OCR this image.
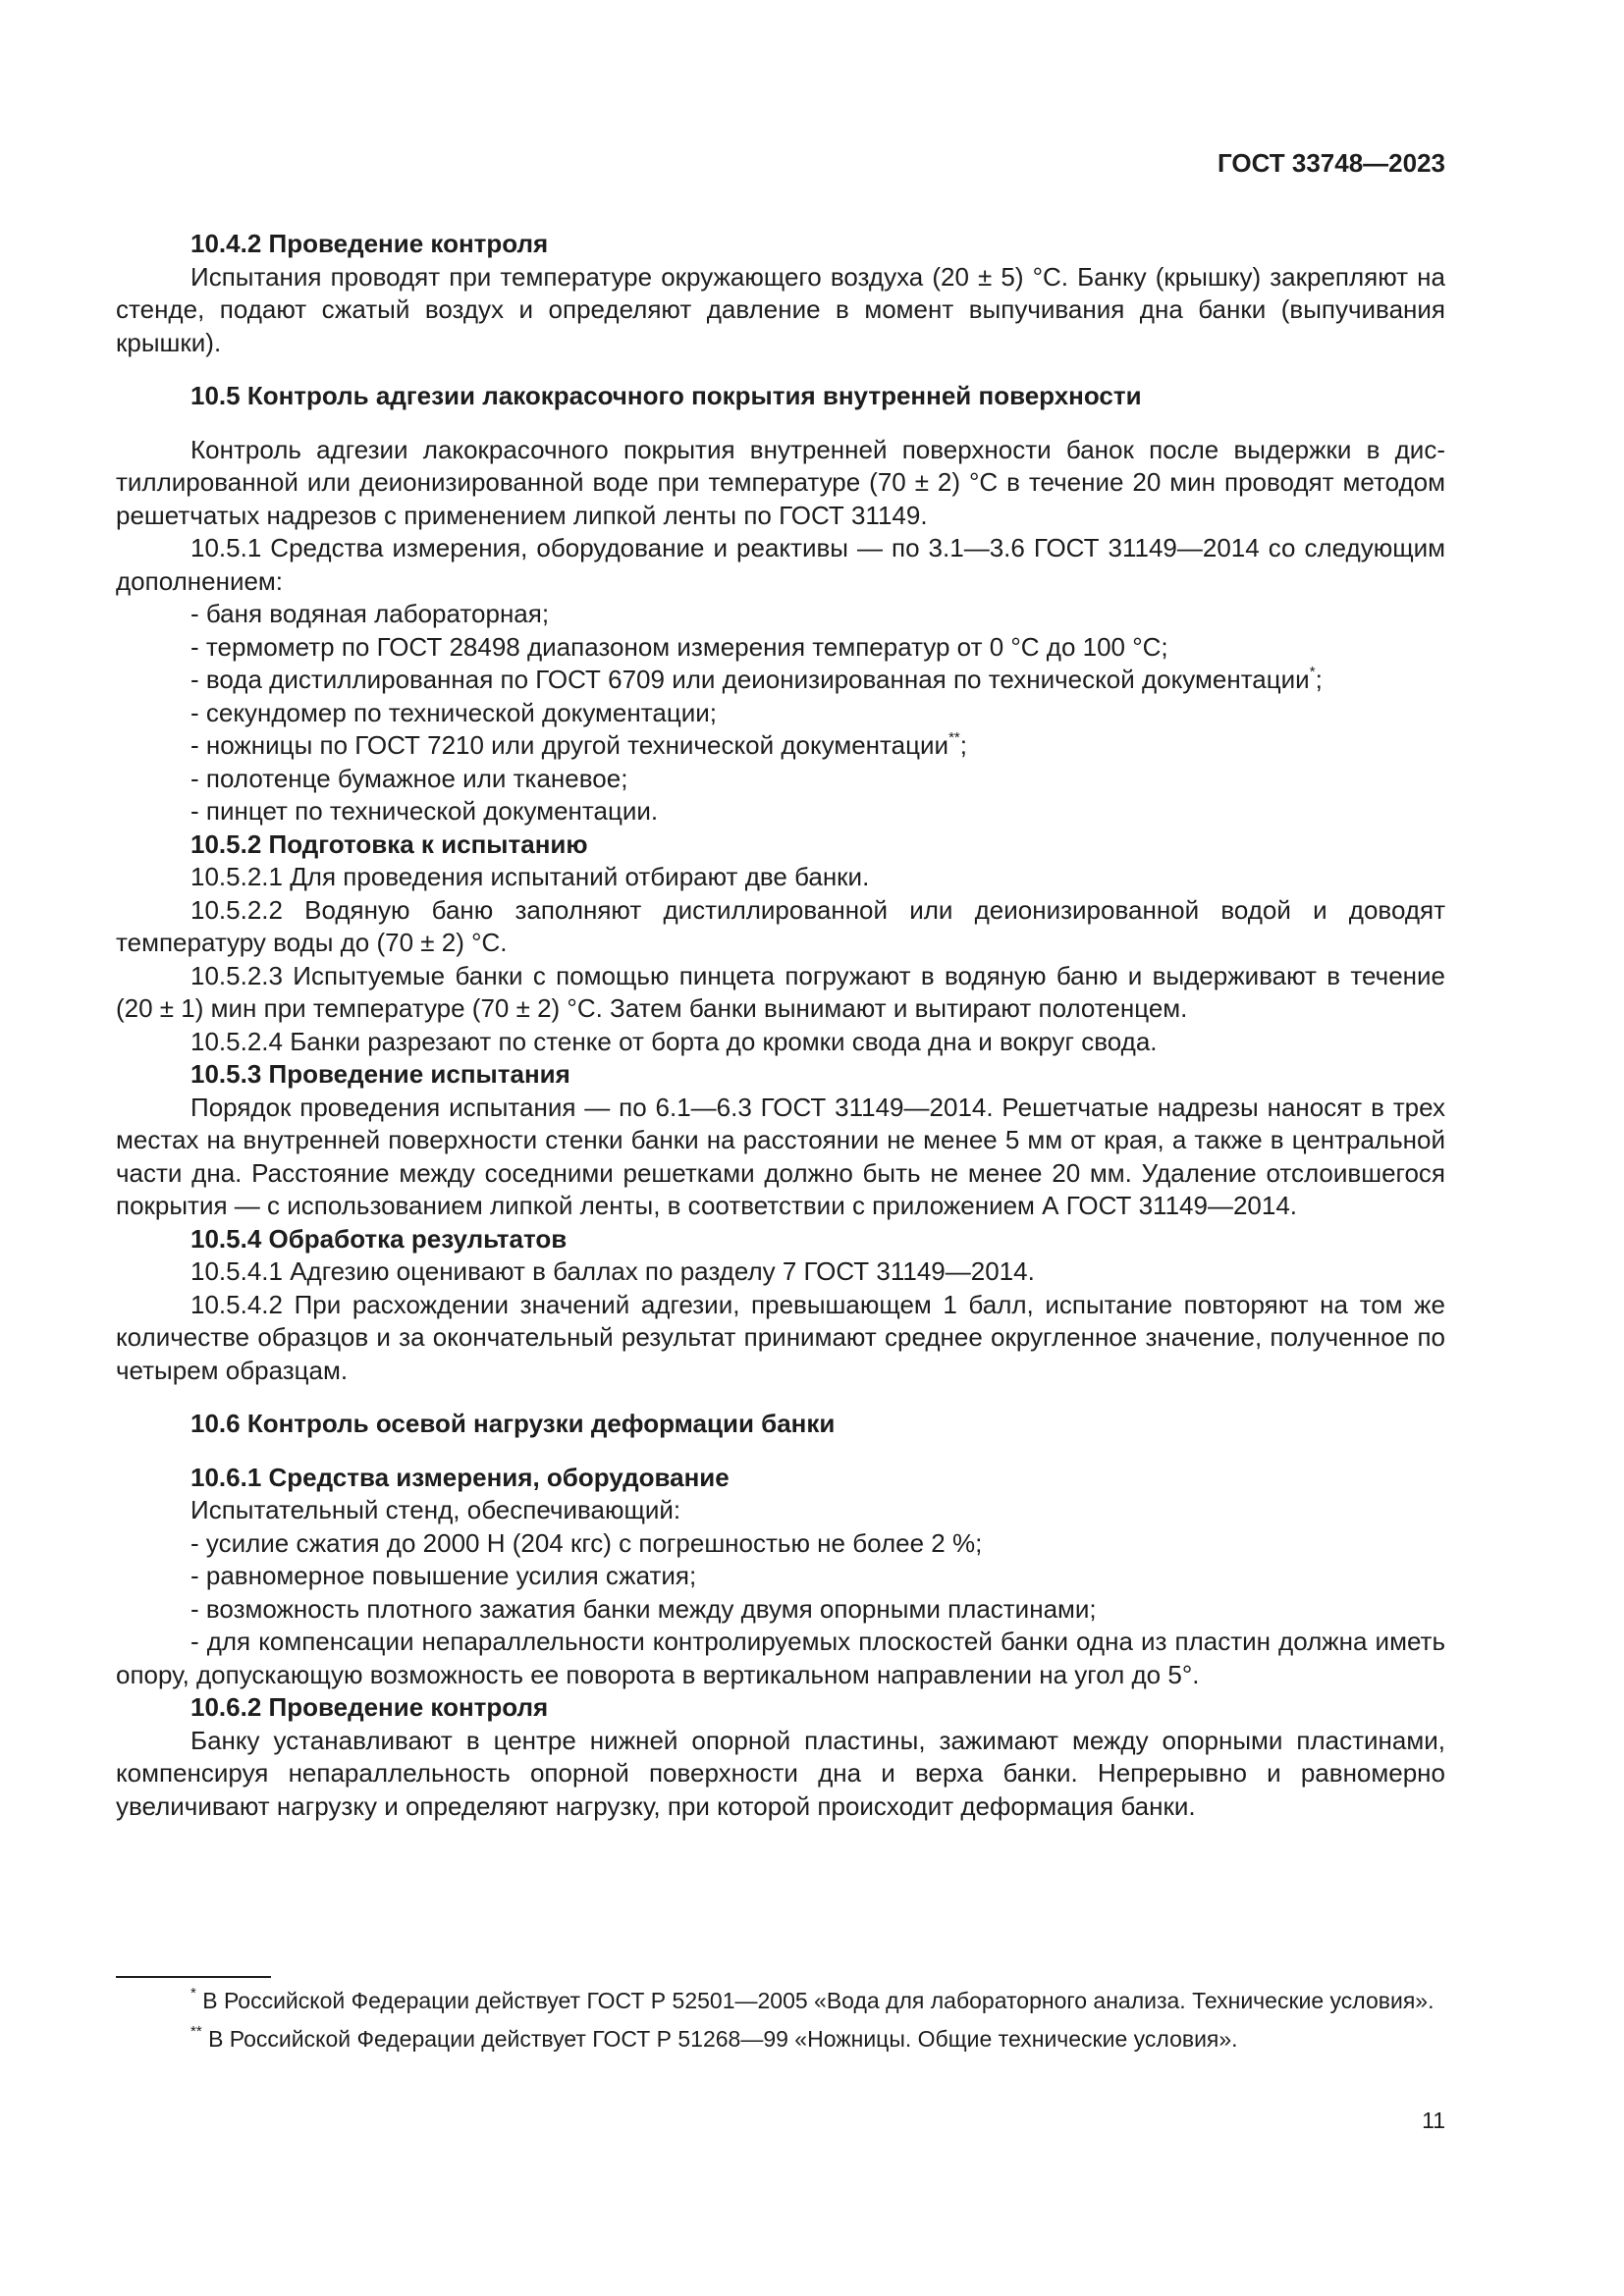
ГОСТ 33748—2023

10.4.2 Проведение контроля

Испытания проводят при температуре окружающего воздуха (20 ± 5) °С. Банку (крышку) закрепляют на стенде, подают сжатый воздух и определяют давление в момент выпучивания дна банки (выпучивания крышки).

10.5 Контроль адгезии лакокрасочного покрытия внутренней поверхности

Контроль адгезии лакокрасочного покрытия внутренней поверхности банок после выдержки в дистиллированной или деионизированной воде при температуре (70 ± 2) °С в течение 20 мин проводят методом решетчатых надрезов с применением липкой ленты по ГОСТ 31149.

10.5.1 Средства измерения, оборудование и реактивы — по 3.1—3.6 ГОСТ 31149—2014 со следующим дополнением:

- баня водяная лабораторная;

- термометр по ГОСТ 28498 диапазоном измерения температур от 0 °С до 100 °С;

- вода дистиллированная по ГОСТ 6709 или деионизированная по технической документации*;

- секундомер по технической документации;

- ножницы по ГОСТ 7210 или другой технической документации**;

- полотенце бумажное или тканевое;

- пинцет по технической документации.

10.5.2 Подготовка к испытанию

10.5.2.1 Для проведения испытаний отбирают две банки.

10.5.2.2 Водяную баню заполняют дистиллированной или деионизированной водой и доводят температуру воды до (70 ± 2) °С.

10.5.2.3 Испытуемые банки с помощью пинцета погружают в водяную баню и выдерживают в течение (20 ± 1) мин при температуре (70 ± 2) °С. Затем банки вынимают и вытирают полотенцем.

10.5.2.4 Банки разрезают по стенке от борта до кромки свода дна и вокруг свода.

10.5.3 Проведение испытания

Порядок проведения испытания — по 6.1—6.3 ГОСТ 31149—2014. Решетчатые надрезы наносят в трех местах на внутренней поверхности стенки банки на расстоянии не менее 5 мм от края, а также в центральной части дна. Расстояние между соседними решетками должно быть не менее 20 мм. Удаление отслоившегося покрытия — с использованием липкой ленты, в соответствии с приложением А ГОСТ 31149—2014.

10.5.4 Обработка результатов

10.5.4.1 Адгезию оценивают в баллах по разделу 7 ГОСТ 31149—2014.

10.5.4.2 При расхождении значений адгезии, превышающем 1 балл, испытание повторяют на том же количестве образцов и за окончательный результат принимают среднее округленное значение, полученное по четырем образцам.

10.6 Контроль осевой нагрузки деформации банки

10.6.1 Средства измерения, оборудование

Испытательный стенд, обеспечивающий:

- усилие сжатия до 2000 Н (204 кгс) с погрешностью не более 2 %;

- равномерное повышение усилия сжатия;

- возможность плотного зажатия банки между двумя опорными пластинами;

- для компенсации непараллельности контролируемых плоскостей банки одна из пластин должна иметь опору, допускающую возможность ее поворота в вертикальном направлении на угол до 5°.

10.6.2 Проведение контроля

Банку устанавливают в центре нижней опорной пластины, зажимают между опорными пластинами, компенсируя непараллельность опорной поверхности дна и верха банки. Непрерывно и равномерно увеличивают нагрузку и определяют нагрузку, при которой происходит деформация банки.

* В Российской Федерации действует ГОСТ Р 52501—2005 «Вода для лабораторного анализа. Технические условия».

** В Российской Федерации действует ГОСТ Р 51268—99 «Ножницы. Общие технические условия».

11
